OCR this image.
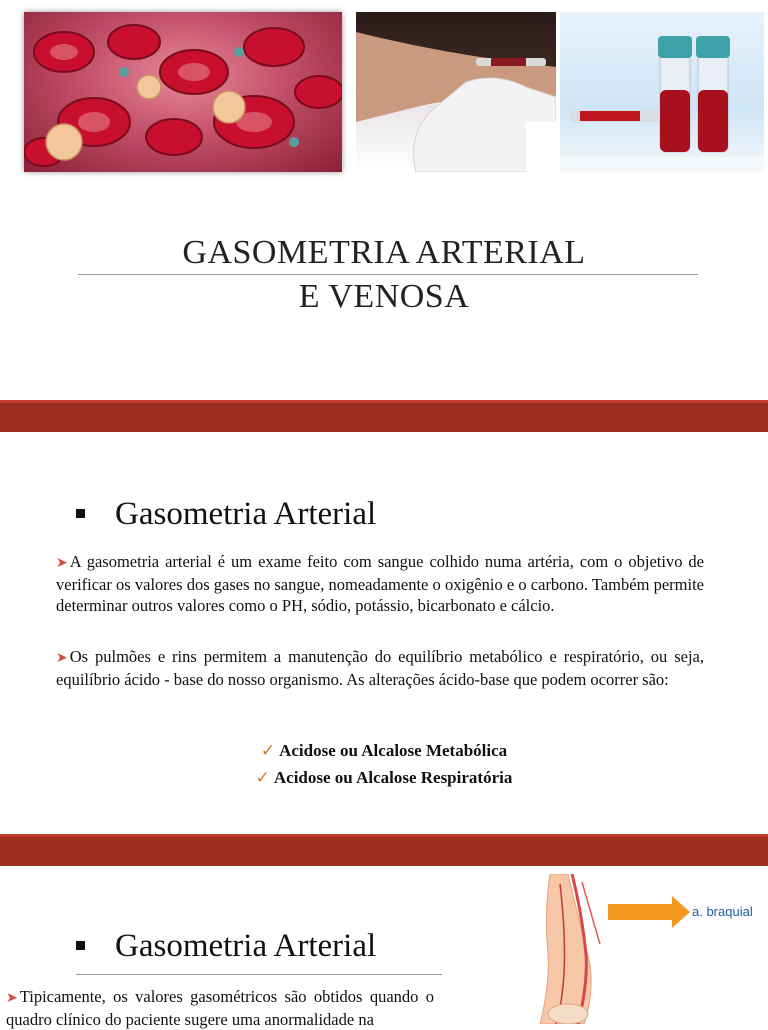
GASOMETRIA ARTERIAL
E VENOSA
Gasometria Arterial
➤ A gasometria arterial é um exame feito com sangue colhido numa artéria, com o objetivo de verificar os valores dos gases no sangue, nomeadamente o oxigênio e o carbono. Também permite determinar outros valores como o PH, sódio, potássio, bicarbonato e cálcio.
➤ Os pulmões e rins permitem a manutenção do equilíbrio metabólico e respiratório, ou seja, equilíbrio ácido - base do nosso organismo. As alterações ácido-base que podem ocorrer são:
✓ Acidose ou Alcalose Metabólica
✓ Acidose ou Alcalose Respiratória
Gasometria Arterial
➤ Tipicamente, os valores gasométricos são obtidos quando o quadro clínico do paciente sugere uma anormalidade na
a. braquial
